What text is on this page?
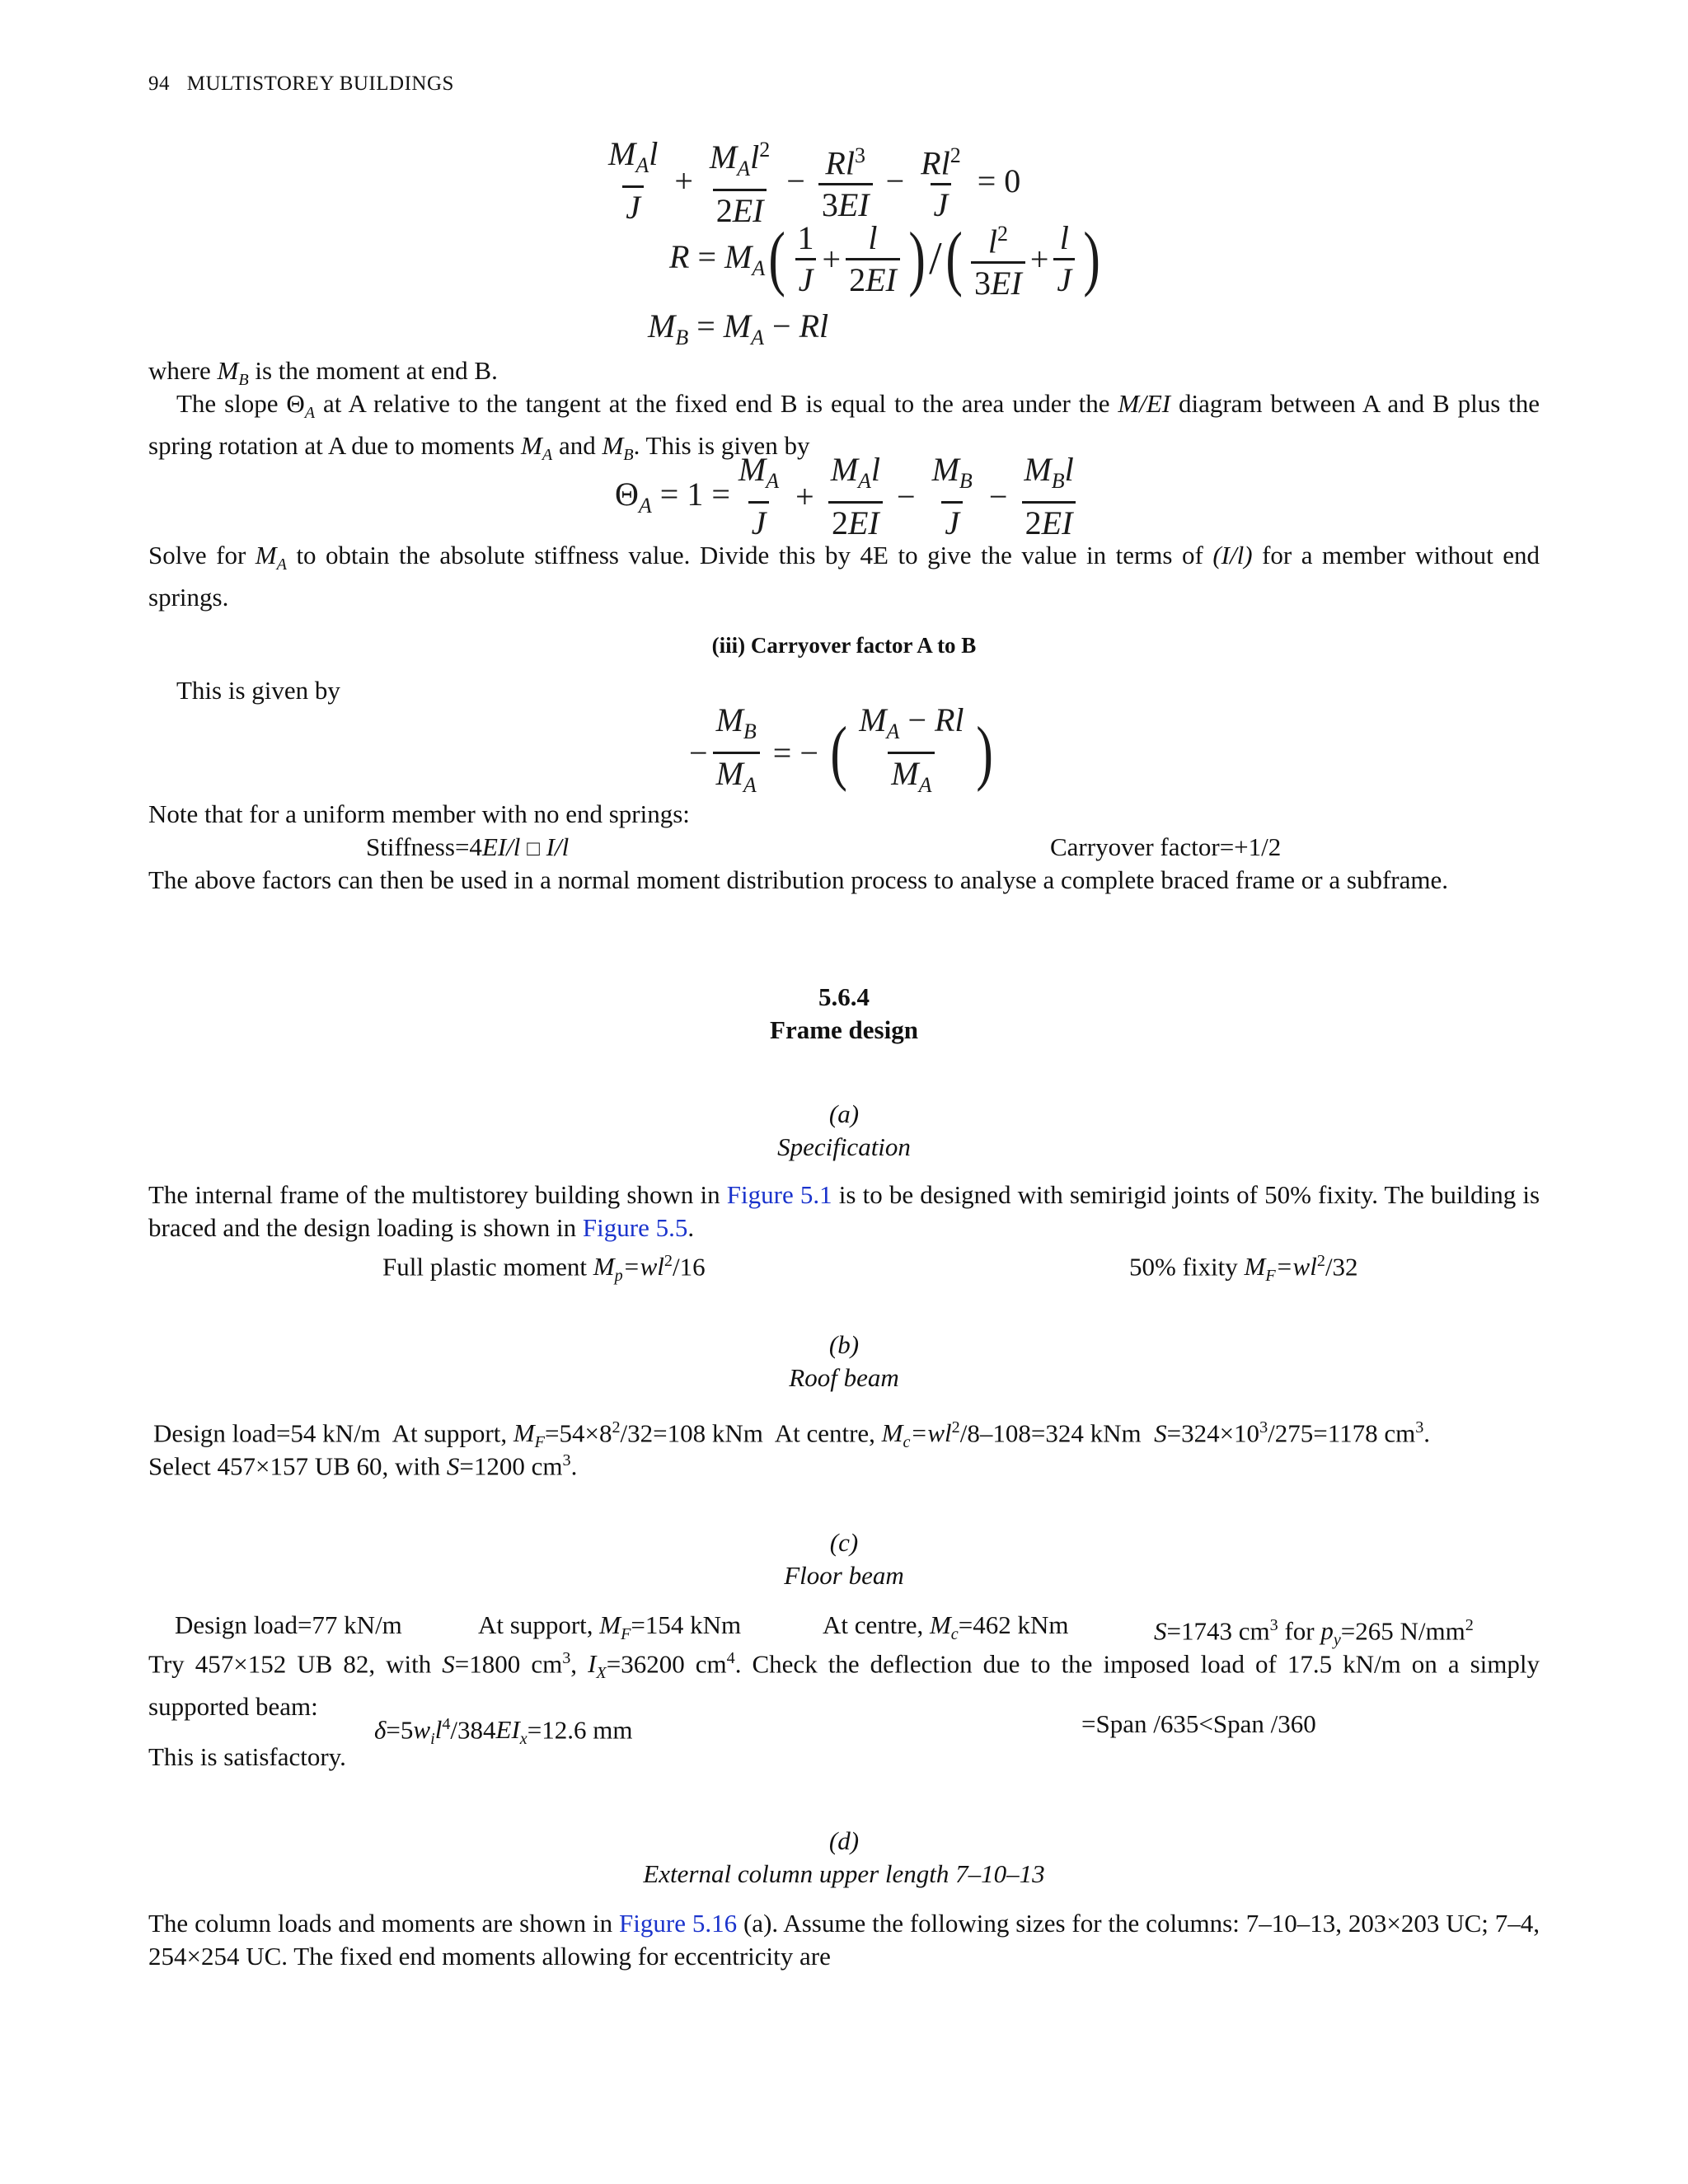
94 MULTISTOREY BUILDINGS
$\frac{M_Al}{J} + \frac{M_Al^2}{2EI} - \frac{Rl^3}{3EI} - \frac{Rl^2}{J} = 0$
$R = M_A$ ( $\frac{1}{J} + \frac{l}{2EI}$ ) / ( $\frac{l^2}{3EI} + \frac{l}{J}$ )
$M_B = M_A - Rl$
where $M_B$ is the moment at end B.
The slope $\Theta_A$ at A relative to the tangent at the fixed end B is equal to the area under the M/EI diagram between A and B plus the spring rotation at A due to moments $M_A$ and $M_B$. This is given by
$\Theta_A = 1 = \frac{M_A}{J} + \frac{M_Al}{2EI} - \frac{M_B}{J} - \frac{M_Bl}{2EI}$
Solve for $M_A$ to obtain the absolute stiffness value. Divide this by 4E to give the value in terms of (I/l) for a member without end springs.
(iii) Carryover factor A to B
This is given by
− $\frac{M_B}{M_A}$ = − ( $\frac{M_A - Rl}{M_A}$ )
Note that for a uniform member with no end springs:
Stiffness=4EI/l □ I/l	Carryover factor=+1/2
The above factors can then be used in a normal moment distribution process to analyse a complete braced frame or a subframe.
5.6.4
Frame design
(a)
Specification
The internal frame of the multistorey building shown in Figure 5.1 is to be designed with semirigid joints of 50% fixity. The building is braced and the design loading is shown in Figure 5.5.
Full plastic moment $M_p=wl^2/16$	50% fixity $M_F=wl^2/32$
(b)
Roof beam
Design load=54 kN/m At support, $M_F=54\times 8^2/32=108$ kNm At centre, $M_c=wl^2/8-108=324$ kNm $S=324\times 10^3/275=1178$ $cm^3$.
Select 457×157 UB 60, with S=1200 $cm^3$.
(c)
Floor beam
Design load=77 kN/m	At support, $M_F=154$ kNm	At centre, $M_c=462$ kNm	S=1743 $cm^3$ for $p_y=265$ $N/mm^2$
Try 457×152 UB 82, with S=1800 $cm^3$, $I_X=36200$ $cm^4$. Check the deflection due to the imposed load of 17.5 kN/m on a simply supported beam:
$\delta=5w_il^4/384EI_x=12.6$ mm	=Span /635<Span /360
This is satisfactory.
(d)
External column upper length 7–10–13
The column loads and moments are shown in Figure 5.16 (a). Assume the following sizes for the columns: 7–10–13, 203×203 UC; 7–4, 254×254 UC. The fixed end moments allowing for eccentricity are
